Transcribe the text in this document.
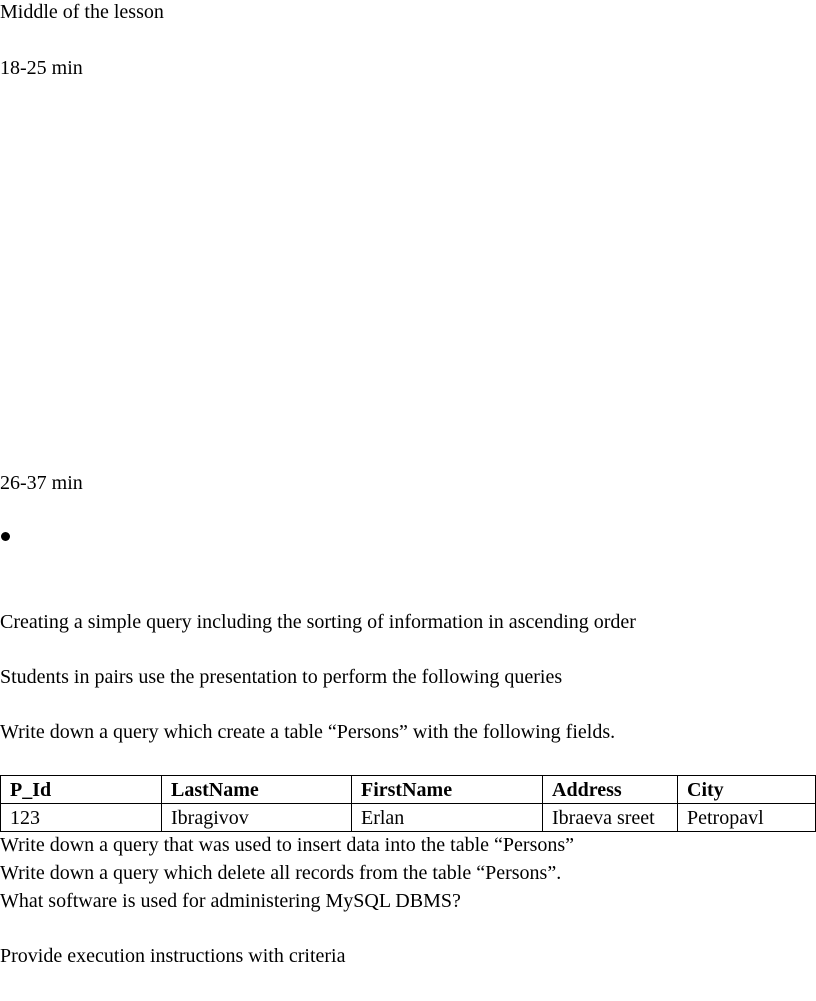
Middle of the lesson
18-25 min
26-37 min
Creating a simple query including the sorting of information in ascending order
Students in pairs use the presentation to perform the following queries
Write down a query which create a table “Persons” with the following fields.
P_Id	LastName	FirstName	Address	City
123	Ibragivov	Erlan	Ibraeva sreet	Petropavl
Write down a query that was used to insert data into the table “Persons”
Write down a query which delete all records from the table “Persons”.
What software is used for administering MySQL DBMS?
Provide execution instructions with criteria
